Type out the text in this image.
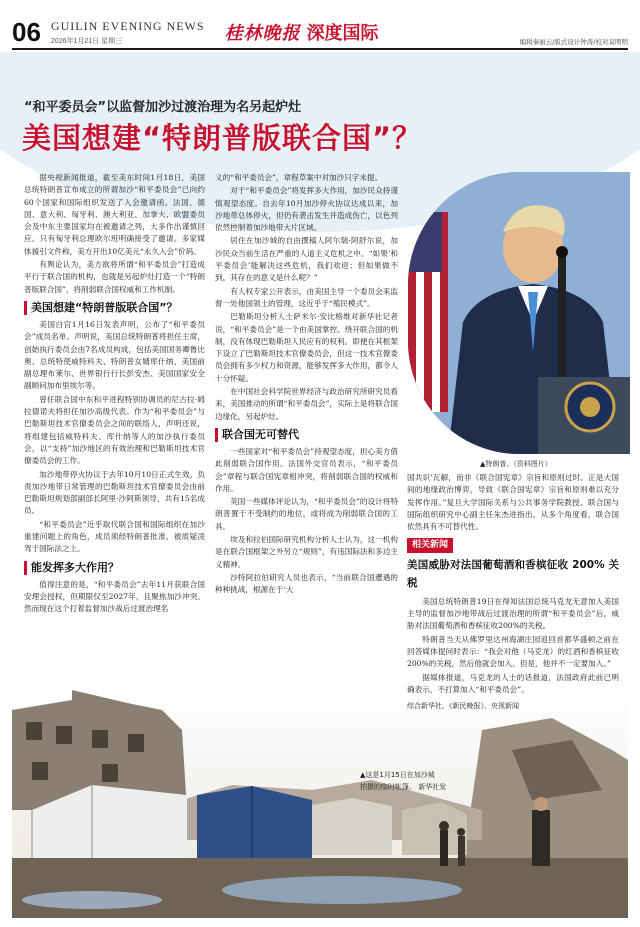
06 GUILIN EVENING NEWS
2026年1月21日 星期三	桂林晚报 深度国际	编辑秦丽云/版式设计钟涛/校对莫明明
“和平委员会”以监督加沙过渡治理为名另起炉灶
美国想建“特朗普版联合国”？

据央视新闻报道，截至美东时间1月18日，美国总统特朗普宣布成立的所谓加沙“和平委员会”已向约60个国家和国际组织发送了入会邀请函。法国、德国、意大利、匈牙利、澳大利亚、加拿大、欧盟委员会及中东主要国家均在被邀请之列，大多作出谨慎回应。只有匈牙利总理欧尔班明确接受了邀请。多家媒体援引文件称，美方开出10亿美元“永久入会”价码。

有舆论认为，美方欲将所谓“和平委员会”打造成平行于联合国的机构，也就是另起炉灶打造一个“特朗普版联合国”，将削弱联合国权威和工作机制。

美国想建“特朗普版联合国”？

美国白宫1月16日发表声明，公布了“和平委员会”成员名单。声明说，美国总统特朗普将担任主席，创始执行委员会由7名成员构成，包括美国国务卿鲁比奥、总统特使威特科夫、特朗普女婿库什纳、美国前副总理布莱尔、世界银行行长彭安杰、美国国家安全副顾问加布里埃尔等。

曾任联合国中东和平进程特别协调员的尼古拉·姆拉德诺夫将担任加沙高级代表。作为“和平委员会”与巴勒斯坦技术官僚委员会之间的联络人，声明还说，将组建包括威特科夫、库什纳等人的加沙执行委员会，以“支持”加沙地区的有效治理和巴勒斯坦技术官僚委员会的工作。

加沙地带停火协议于去年10月10日正式生效，负责加沙地带日常管理的巴勒斯坦技术官僚委员会由前巴勒斯坦规划部副部长阿里·沙阿斯领导，共有15名成员。

“和平委员会”近乎取代联合国和国际组织在加沙重建问题上的角色，成员须经特朗普批准，被质疑凌驾于国际法之上。

能发挥多大作用？

值得注意的是，“和平委员会”去年11月获联合国安理会授权，但期限仅至2027年，且聚焦加沙冲突。然而现在这个打着监督加沙战后过渡治理名

义的“和平委员会”，章程草案中对加沙只字未提。

对于“和平委员会”将发挥多大作用，加沙民众持谨慎观望态度。自去年10月加沙停火协议达成以来，加沙地带总体停火，但仍有袭击发生并造成伤亡，以色列依然控制着加沙地带大片区域。

居住在加沙城的自由撰稿人阿尔瑞·阿舒尔说，加沙民众当前生活在严重的人道主义危机之中。“如果‘和平委员会’能解决这些危机，我们欢迎；但如果做不到，其存在的意义是什么呢？”

有人权专家公开表示，由美国主导一个委员会来监督一处他国领土的管理，这近乎于“殖民模式”。

巴勒斯坦分析人士萨米尔·安比格维对新华社记者说，“和平委员会”是一个由美国掌控、绕开联合国的机制，没有体现巴勒斯坦人民应有的权利。即便在其框架下设立了巴勒斯坦技术官僚委员会，但这一技术官僚委员会拥有多少权力和资源，能够发挥多大作用，都令人十分怀疑。

在中国社会科学院世界经济与政治研究所研究员看来，美国推动的所谓“和平委员会”，实际上是将联合国边缘化，另起炉灶。

联合国无可替代

一些国家对“和平委员会”持观望态度，担心美方借此削弱联合国作用。法国外交官员表示，“和平委员会”章程与联合国宪章相冲突，将削弱联合国的权威和作用。

英国一些媒体评论认为，“和平委员会”的设计将特朗普置于不受制约的地位，或将成为削弱联合国的工具。

埃及和拉伯国际研究机构分析人士认为，这一机构是在联合国框架之外另立“规则”，有违国际法和多边主义精神。

沙特阿拉伯研究人员也表示，“当前联合国遭遇的种种挑战，根源在于‘大

▲特朗普。（资料图片）

国共识’瓦解，而非《联合国宪章》宗旨和原则过时。正是大国间的地缘政治博弈，导致《联合国宪章》宗旨和原则难以充分发挥作用。”复旦大学国际关系与公共事务学院教授、联合国与国际组织研究中心副主任朱杰进指出，从多个角度看，联合国依然具有不可替代性。

相关新闻
美国威胁对法国葡萄酒和香槟征收 200% 关税

美国总统特朗普19日在得知法国总统马克龙无意加入美国主导的监督加沙地带战后过渡治理的所谓“和平委员会”后，威胁对法国葡萄酒和香槟征收200%的关税。

特朗普当天从佛罗里达州海湖庄园返回首都华盛顿之前在回答媒体提问时表示：“我会对他（马克龙）的红酒和香槟征收200%的关税，然后他就会加入。但是，他并不一定要加入。”

据媒体报道，马克龙的人士的话报道，法国政府此前已明确表示，不打算加入“和平委员会”。

综合新华社、《新民晚报》、央视新闻
▲这是1月15日在加沙城
拍摄的临时帐篷。 新华社发
